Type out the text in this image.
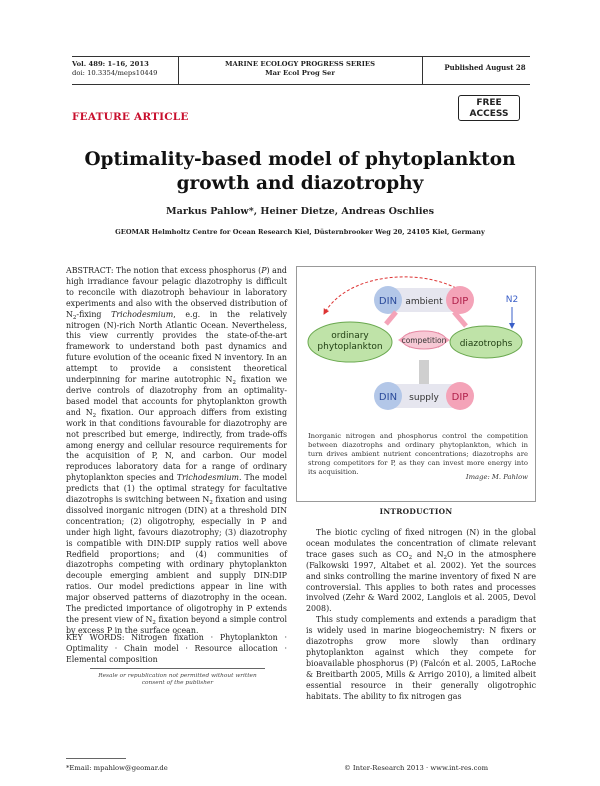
Vol. 489: 1–16, 2013
doi: 10.3354/meps10449
MARINE ECOLOGY PROGRESS SERIES
Mar Ecol Prog Ser
Published August 28
FEATURE ARTICLE
FREE
ACCESS
Optimality-based model of phytoplankton growth and diazotrophy
Markus Pahlow*, Heiner Dietze, Andreas Oschlies
GEOMAR Helmholtz Centre for Ocean Research Kiel, Düsternbrooker Weg 20, 24105 Kiel, Germany
ABSTRACT: The notion that excess phosphorus (P) and high irradiance favour pelagic diazotrophy is difficult to reconcile with diazotroph behaviour in laboratory experiments and also with the observed distribution of $N_2$-fixing Trichodesmium, e.g. in the relatively nitrogen (N)-rich North Atlantic Ocean. Nevertheless, this view currently provides the state-of-the-art framework to understand both past dynamics and future evolution of the oceanic fixed N inventory. In an attempt to provide a consistent theoretical underpinning for marine autotrophic $N_2$ fixation we derive controls of diazotrophy from an optimality-based model that accounts for phytoplankton growth and $N_2$ fixation. Our approach differs from existing work in that conditions favourable for diazotrophy are not prescribed but emerge, indirectly, from trade-offs among energy and cellular resource requirements for the acquisition of P, N, and carbon. Our model reproduces laboratory data for a range of ordinary phytoplankton species and Trichodesmium. The model predicts that (1) the optimal strategy for facultative diazotrophs is switching between $N_2$ fixation and using dissolved inorganic nitrogen (DIN) at a threshold DIN concentration; (2) oligotrophy, especially in P and under high light, favours diazotrophy; (3) diazotrophy is compatible with DIN:DIP supply ratios well above Redfield proportions; and (4) communities of diazotrophs competing with ordinary phytoplankton decouple emerging ambient and supply DIN:DIP ratios. Our model predictions appear in line with major observed patterns of diazotrophy in the ocean. The predicted importance of oligotrophy in P extends the present view of $N_2$ fixation beyond a simple control by excess P in the surface ocean.
KEY WORDS: Nitrogen fixation · Phytoplankton · Optimality · Chain model · Resource allocation · Elemental composition
Resale or republication not permitted without written consent of the publisher
*Email: mpahlow@geomar.de
DIN ambient DIP	N2
ordinary
phytoplankton	diazotrophs
competition
DIN supply DIP
Inorganic nitrogen and phosphorus control the competition between diazotrophs and ordinary phytoplankton, which in turn drives ambient nutrient concentrations; diazotrophs are strong competitors for P, as they can invest more energy into its acquisition.
Image: M. Pahlow
INTRODUCTION

The biotic cycling of fixed nitrogen (N) in the global ocean modulates the concentration of climate relevant trace gases such as $CO_2$ and $N_2O$ in the atmosphere (Falkowski 1997, Altabet et al. 2002). Yet the sources and sinks controlling the marine inventory of fixed N are controversial. This applies to both rates and processes involved (Zehr & Ward 2002, Langlois et al. 2005, Devol 2008).

This study complements and extends a paradigm that is widely used in marine biogeochemistry: N fixers or diazotrophs grow more slowly than ordinary phytoplankton against which they compete for bioavailable phosphorus (P) (Falcón et al. 2005, LaRoche & Breitbarth 2005, Mills & Arrigo 2010), a limited albeit essential resource in their generally oligotrophic habitats. The ability to fix nitrogen gas

© Inter-Research 2013 · www.int-res.com
